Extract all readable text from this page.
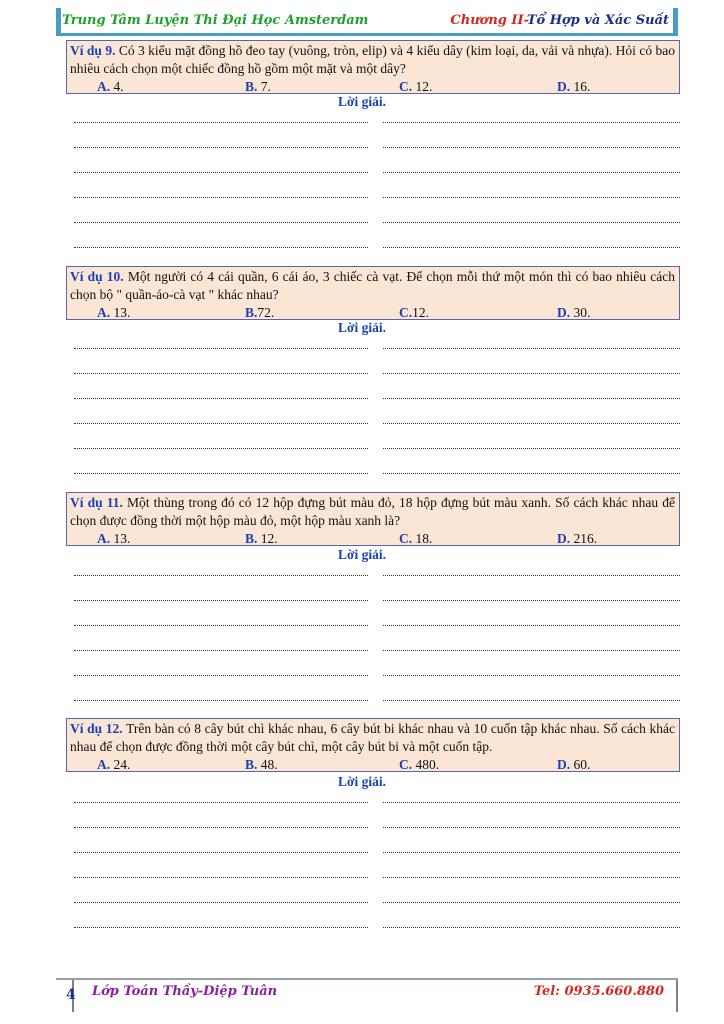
Trung Tâm Luyện Thi Đại Học Amsterdam	Chương II-Tổ Hợp và Xác Suất
Ví dụ 9. Có 3 kiểu mặt đồng hồ đeo tay (vuông, tròn, elip) và 4 kiểu dây (kim loại, da, vải và nhựa). Hỏi có bao nhiêu cách chọn một chiếc đồng hồ gồm một mặt và một dây?
A. 4.	B. 7.	C. 12.	D. 16.
Lời giải.
Ví dụ 10. Một người có 4 cái quần, 6 cái áo, 3 chiếc cà vạt. Để chọn mỗi thứ một món thì có bao nhiêu cách chọn bộ " quần-áo-cà vạt " khác nhau?
A. 13.	B.72.	C.12.	D. 30.
Lời giải.
Ví dụ 11. Một thùng trong đó có 12 hộp đựng bút màu đỏ, 18 hộp đựng bút màu xanh. Số cách khác nhau để chọn được đồng thời một hộp màu đỏ, một hộp màu xanh là?
A. 13.	B. 12.	C. 18.	D. 216.
Lời giải.
Ví dụ 12. Trên bàn có 8 cây bút chì khác nhau, 6 cây bút bi khác nhau và 10 cuốn tập khác nhau. Số cách khác nhau để chọn được đồng thời một cây bút chì, một cây bút bi và một cuốn tập.
A. 24.	B. 48.	C. 480.	D. 60.
Lời giải.
4 Lớp Toán Thầy-Diệp Tuân	Tel: 0935.660.880
